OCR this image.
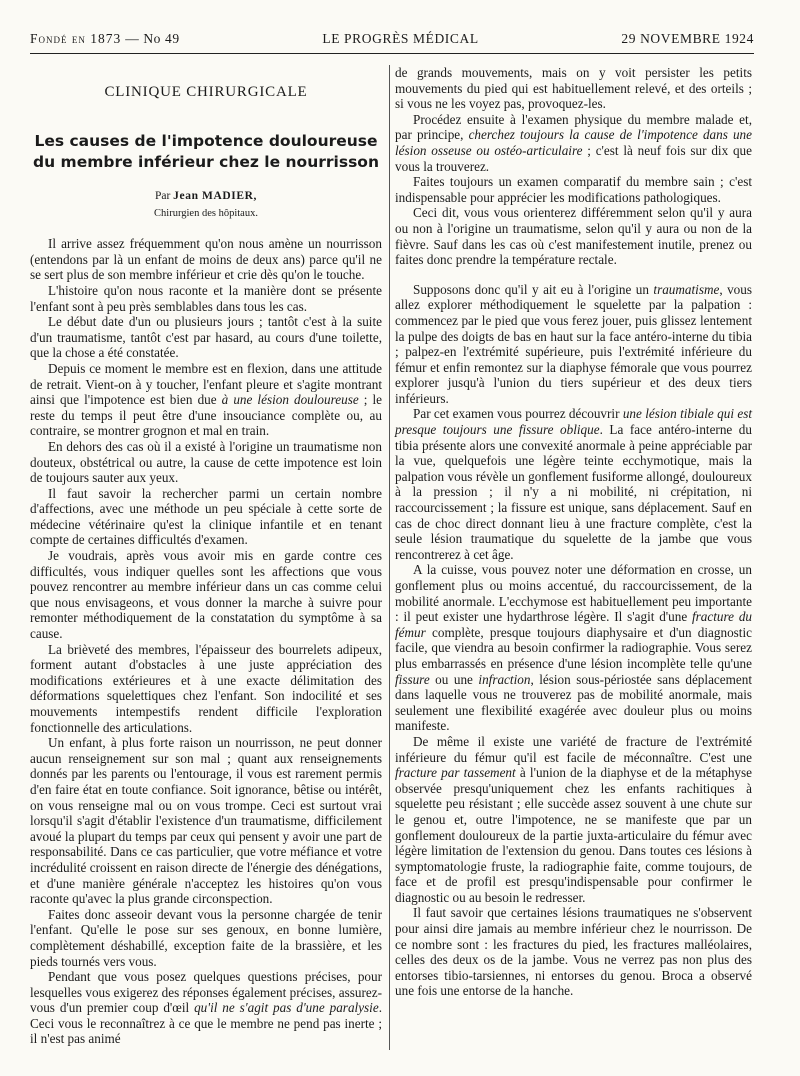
Fondé en 1873 — No 49	LE PROGRÈS MÉDICAL	29 NOVEMBRE 1924
CLINIQUE CHIRURGICALE
Les causes de l'impotence douloureuse
du membre inférieur chez le nourrisson
Par Jean MADIER,
Chirurgien des hôpitaux.

Il arrive assez fréquemment qu'on nous amène un nourrisson (entendons par là un enfant de moins de deux ans) parce qu'il ne se sert plus de son membre inférieur et crie dès qu'on le touche.

L'histoire qu'on nous raconte et la manière dont se présente l'enfant sont à peu près semblables dans tous les cas.

Le début date d'un ou plusieurs jours ; tantôt c'est à la suite d'un traumatisme, tantôt c'est par hasard, au cours d'une toilette, que la chose a été constatée.

Depuis ce moment le membre est en flexion, dans une attitude de retrait. Vient-on à y toucher, l'enfant pleure et s'agite montrant ainsi que l'impotence est bien due à une lésion douloureuse ; le reste du temps il peut être d'une insouciance complète ou, au contraire, se montrer grognon et mal en train.

En dehors des cas où il a existé à l'origine un traumatisme non douteux, obstétrical ou autre, la cause de cette impotence est loin de toujours sauter aux yeux.

Il faut savoir la rechercher parmi un certain nombre d'affections, avec une méthode un peu spéciale à cette sorte de médecine vétérinaire qu'est la clinique infantile et en tenant compte de certaines difficultés d'examen.

Je voudrais, après vous avoir mis en garde contre ces difficultés, vous indiquer quelles sont les affections que vous pouvez rencontrer au membre inférieur dans un cas comme celui que nous envisageons, et vous donner la marche à suivre pour remonter méthodiquement de la constatation du symptôme à sa cause.

La brièveté des membres, l'épaisseur des bourrelets adipeux, forment autant d'obstacles à une juste appréciation des modifications extérieures et à une exacte délimitation des déformations squelettiques chez l'enfant. Son indocilité et ses mouvements intempestifs rendent difficile l'exploration fonctionnelle des articulations.

Un enfant, à plus forte raison un nourrisson, ne peut donner aucun renseignement sur son mal ; quant aux renseignements donnés par les parents ou l'entourage, il vous est rarement permis d'en faire état en toute confiance. Soit ignorance, bêtise ou intérêt, on vous renseigne mal ou on vous trompe. Ceci est surtout vrai lorsqu'il s'agit d'établir l'existence d'un traumatisme, difficilement avoué la plupart du temps par ceux qui pensent y avoir une part de responsabilité. Dans ce cas particulier, que votre méfiance et votre incrédulité croissent en raison directe de l'énergie des dénégations, et d'une manière générale n'acceptez les histoires qu'on vous raconte qu'avec la plus grande circonspection.

Faites donc asseoir devant vous la personne chargée de tenir l'enfant. Qu'elle le pose sur ses genoux, en bonne lumière, complètement déshabillé, exception faite de la brassière, et les pieds tournés vers vous.

Pendant que vous posez quelques questions précises, pour lesquelles vous exigerez des réponses également précises, assurez-vous d'un premier coup d'œil qu'il ne s'agit pas d'une paralysie. Ceci vous le reconnaîtrez à ce que le membre ne pend pas inerte ; il n'est pas animé

de grands mouvements, mais on y voit persister les petits mouvements du pied qui est habituellement relevé, et des orteils ; si vous ne les voyez pas, provoquez-les.

Procédez ensuite à l'examen physique du membre malade et, par principe, cherchez toujours la cause de l'impotence dans une lésion osseuse ou ostéo-articulaire ; c'est là neuf fois sur dix que vous la trouverez.

Faites toujours un examen comparatif du membre sain ; c'est indispensable pour apprécier les modifications pathologiques.

Ceci dit, vous vous orienterez différemment selon qu'il y aura ou non à l'origine un traumatisme, selon qu'il y aura ou non de la fièvre. Sauf dans les cas où c'est manifestement inutile, prenez ou faites donc prendre la température rectale.

Supposons donc qu'il y ait eu à l'origine un traumatisme, vous allez explorer méthodiquement le squelette par la palpation : commencez par le pied que vous ferez jouer, puis glissez lentement la pulpe des doigts de bas en haut sur la face antéro-interne du tibia ; palpez-en l'extrémité supérieure, puis l'extrémité inférieure du fémur et enfin remontez sur la diaphyse fémorale que vous pourrez explorer jusqu'à l'union du tiers supérieur et des deux tiers inférieurs.

Par cet examen vous pourrez découvrir une lésion tibiale qui est presque toujours une fissure oblique. La face antéro-interne du tibia présente alors une convexité anormale à peine appréciable par la vue, quelquefois une légère teinte ecchymotique, mais la palpation vous révèle un gonflement fusiforme allongé, douloureux à la pression ; il n'y a ni mobilité, ni crépitation, ni raccourcissement ; la fissure est unique, sans déplacement. Sauf en cas de choc direct donnant lieu à une fracture complète, c'est la seule lésion traumatique du squelette de la jambe que vous rencontrerez à cet âge.

A la cuisse, vous pouvez noter une déformation en crosse, un gonflement plus ou moins accentué, du raccourcissement, de la mobilité anormale. L'ecchymose est habituellement peu importante : il peut exister une hydarthrose légère. Il s'agit d'une fracture du fémur complète, presque toujours diaphysaire et d'un diagnostic facile, que viendra au besoin confirmer la radiographie. Vous serez plus embarrassés en présence d'une lésion incomplète telle qu'une fissure ou une infraction, lésion sous-périostée sans déplacement dans laquelle vous ne trouverez pas de mobilité anormale, mais seulement une flexibilité exagérée avec douleur plus ou moins manifeste.

De même il existe une variété de fracture de l'extrémité inférieure du fémur qu'il est facile de méconnaître. C'est une fracture par tassement à l'union de la diaphyse et de la métaphyse observée presqu'uniquement chez les enfants rachitiques à squelette peu résistant ; elle succède assez souvent à une chute sur le genou et, outre l'impotence, ne se manifeste que par un gonflement douloureux de la partie juxta-articulaire du fémur avec légère limitation de l'extension du genou. Dans toutes ces lésions à symptomatologie fruste, la radiographie faite, comme toujours, de face et de profil est presqu'indispensable pour confirmer le diagnostic ou au besoin le redresser.

Il faut savoir que certaines lésions traumatiques ne s'observent pour ainsi dire jamais au membre inférieur chez le nourrisson. De ce nombre sont : les fractures du pied, les fractures malléolaires, celles des deux os de la jambe. Vous ne verrez pas non plus des entorses tibio-tarsiennes, ni entorses du genou. Broca a observé une fois une entorse de la hanche.
